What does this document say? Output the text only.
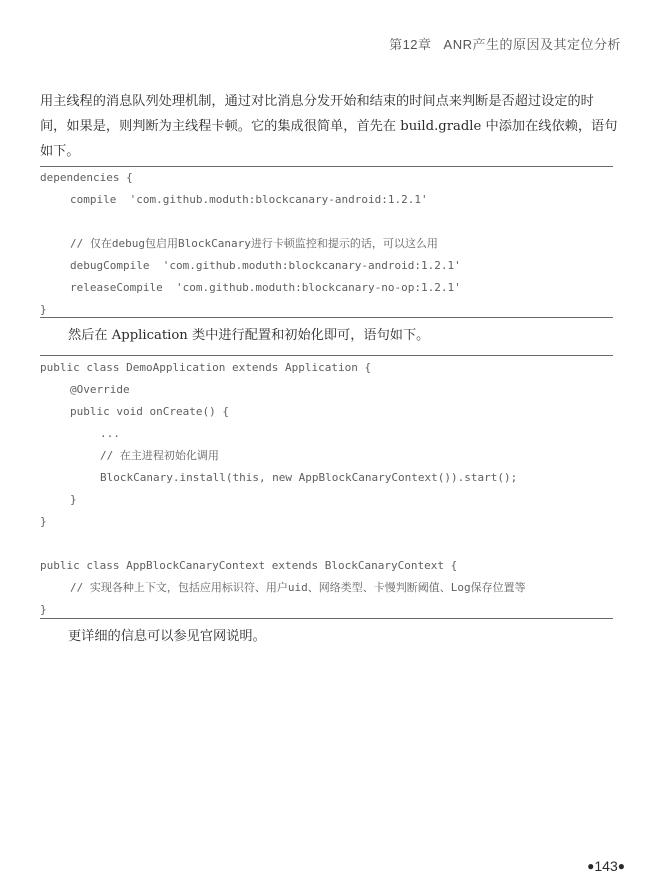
第12章 ANR产生的原因及其定位分析
用主线程的消息队列处理机制，通过对比消息分发开始和结束的时间点来判断是否超过设定的时间，如果是，则判断为主线程卡顿。它的集成很简单，首先在 build.gradle 中添加在线依赖，语句如下。
dependencies {
compile  'com.github.moduth:blockcanary-android:1.2.1'
// 仅在debug包启用BlockCanary进行卡顿监控和提示的话，可以这么用
debugCompile  'com.github.moduth:blockcanary-android:1.2.1'
releaseCompile  'com.github.moduth:blockcanary-no-op:1.2.1'
}
然后在 Application 类中进行配置和初始化即可，语句如下。
public class DemoApplication extends Application {
@Override
public void onCreate() {
...
// 在主进程初始化调用
BlockCanary.install(this, new AppBlockCanaryContext()).start();
}
}
public class AppBlockCanaryContext extends BlockCanaryContext {
// 实现各种上下文，包括应用标识符、用户uid、网络类型、卡慢判断阈值、Log保存位置等
}
更详细的信息可以参见官网说明。
●143●
